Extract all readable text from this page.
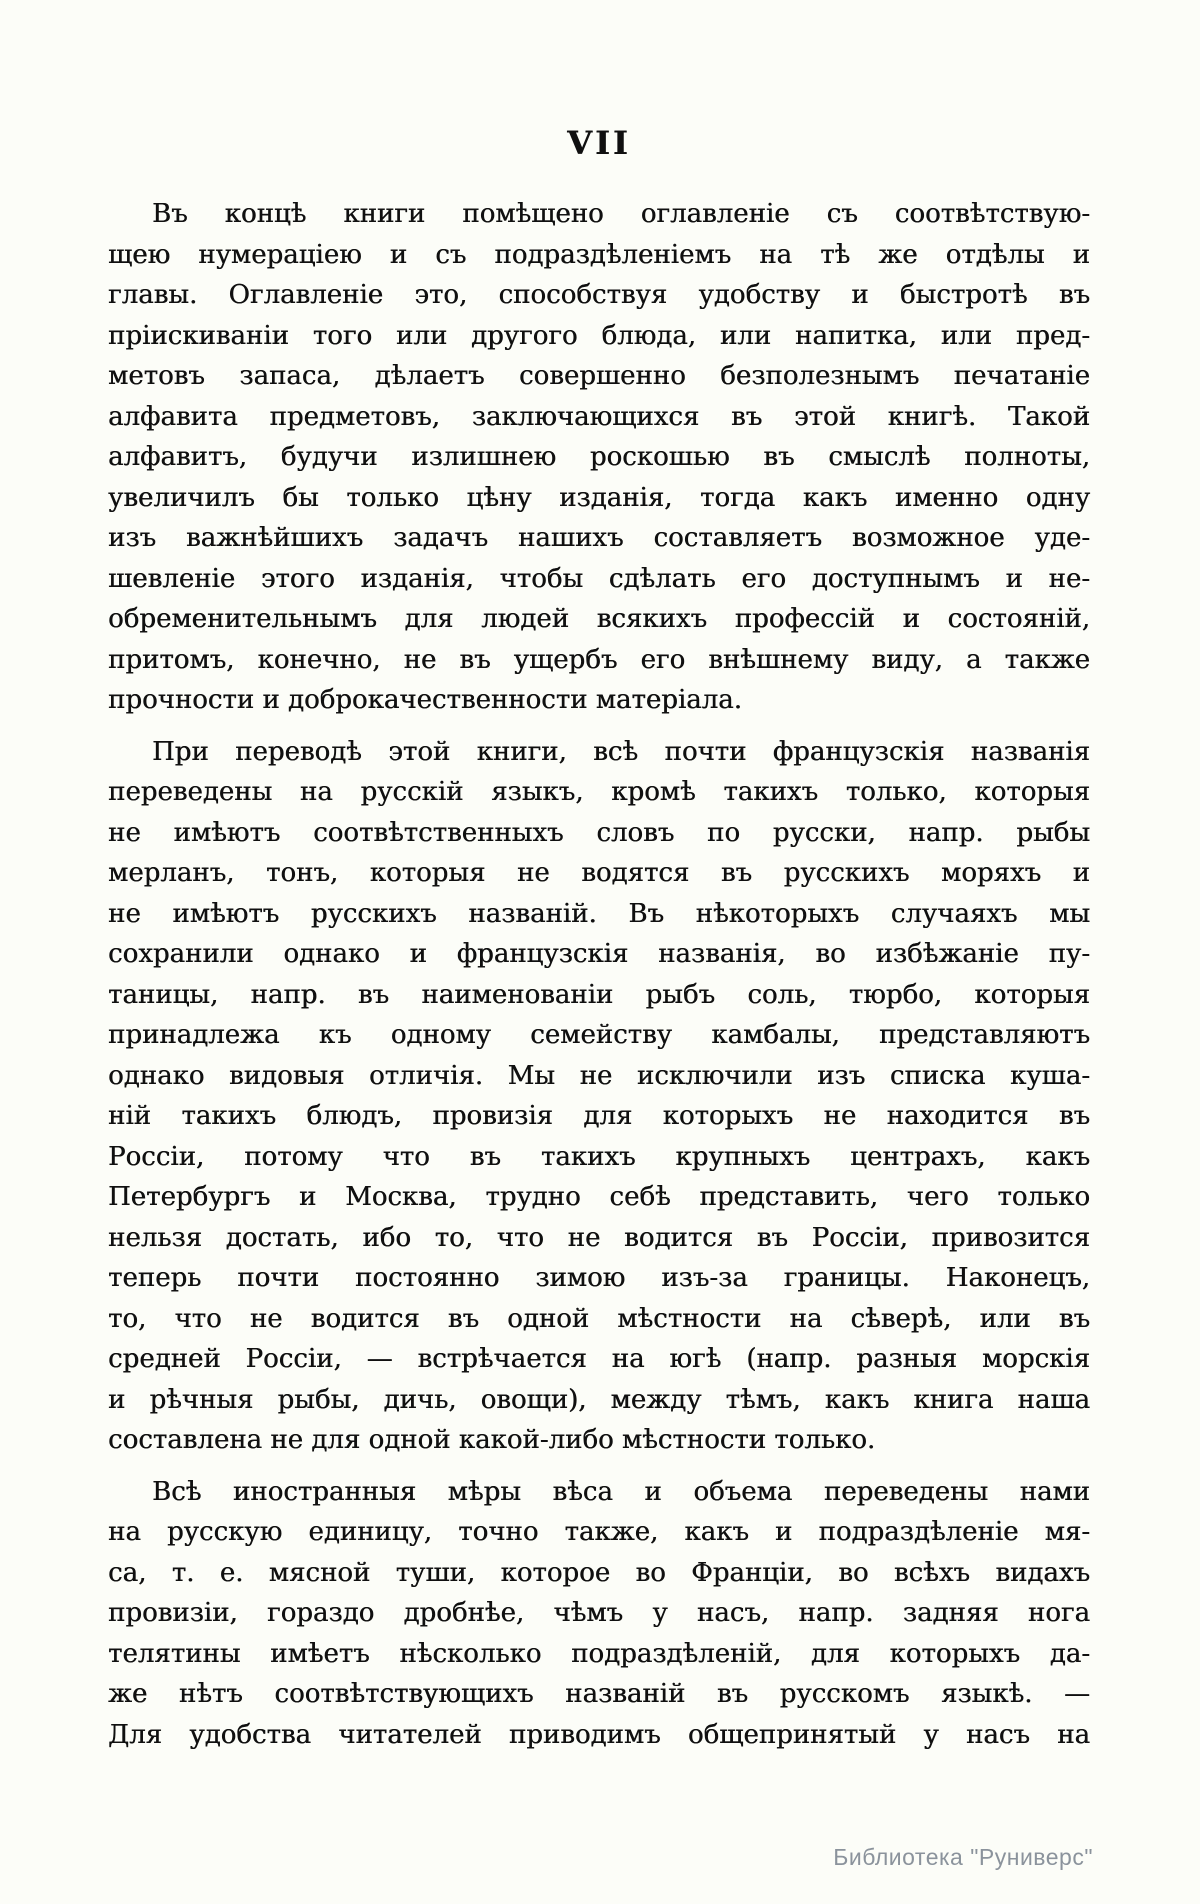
VII

Въ концѣ книги помѣщено оглавленіе съ соотвѣтствую-
щею нумераціею и съ подраздѣленіемъ на тѣ же отдѣлы и
главы. Оглавленіе это, способствуя удобству и быстротѣ въ
пріискиваніи того или другого блюда, или напитка, или пред-
метовъ запаса, дѣлаетъ совершенно безполезнымъ печатаніе
алфавита предметовъ, заключающихся въ этой книгѣ. Такой
алфавитъ, будучи излишнею роскошью въ смыслѣ полноты,
увеличилъ бы только цѣну изданія, тогда какъ именно одну
изъ важнѣйшихъ задачъ нашихъ составляетъ возможное уде-
шевленіе этого изданія, чтобы сдѣлать его доступнымъ и не-
обременительнымъ для людей всякихъ профессій и состояній,
притомъ, конечно, не въ ущербъ его внѣшнему виду, а также
прочности и доброкачественности матеріала.

При переводѣ этой книги, всѣ почти французскія названія
переведены на русскій языкъ, кромѣ такихъ только, которыя
не имѣютъ соотвѣтственныхъ словъ по русски, напр. рыбы
мерланъ, тонъ, которыя не водятся въ русскихъ моряхъ и
не имѣютъ русскихъ названій. Въ нѣкоторыхъ случаяхъ мы
сохранили однако и французскія названія, во избѣжаніе пу-
таницы, напр. въ наименованіи рыбъ соль, тюрбо, которыя
принадлежа къ одному семейству камбалы, представляютъ
однако видовыя отличія. Мы не исключили изъ списка куша-
ній такихъ блюдъ, провизія для которыхъ не находится въ
Россіи, потому что въ такихъ крупныхъ центрахъ, какъ
Петербургъ и Москва, трудно себѣ представить, чего только
нельзя достать, ибо то, что не водится въ Россіи, привозится
теперь почти постоянно зимою изъ-за границы. Наконецъ,
то, что не водится въ одной мѣстности на сѣверѣ, или въ
средней Россіи, — встрѣчается на югѣ (напр. разныя морскія
и рѣчныя рыбы, дичь, овощи), между тѣмъ, какъ книга наша
составлена не для одной какой-либо мѣстности только.

Всѣ иностранныя мѣры вѣса и объема переведены нами
на русскую единицу, точно также, какъ и подраздѣленіе мя-
са, т. е. мясной туши, которое во Франціи, во всѣхъ видахъ
провизіи, гораздо дробнѣе, чѣмъ у насъ, напр. задняя нога
телятины имѣетъ нѣсколько подраздѣленій, для которыхъ да-
же нѣтъ соотвѣтствующихъ названій въ русскомъ языкѣ. —
Для удобства читателей приводимъ общепринятый у насъ на

Библиотека "Руниверс"
